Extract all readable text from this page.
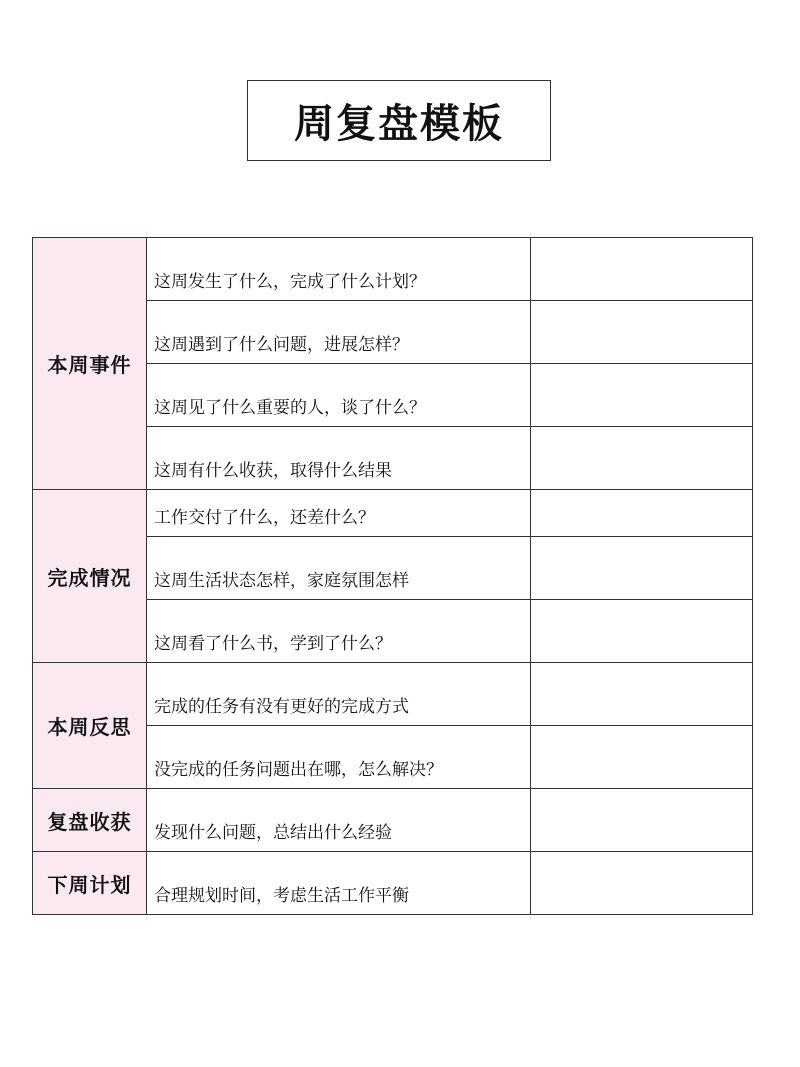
周复盘模板
本周事件	这周发生了什么，完成了什么计划？	
	这周遇到了什么问题，进展怎样？	
	这周见了什么重要的人，谈了什么？	
	这周有什么收获，取得什么结果	
完成情况	工作交付了什么，还差什么？	
	这周生活状态怎样，家庭氛围怎样	
	这周看了什么书，学到了什么？	
本周反思	完成的任务有没有更好的完成方式	
	没完成的任务问题出在哪，怎么解决？	
复盘收获	发现什么问题，总结出什么经验	
下周计划	合理规划时间，考虑生活工作平衡	
